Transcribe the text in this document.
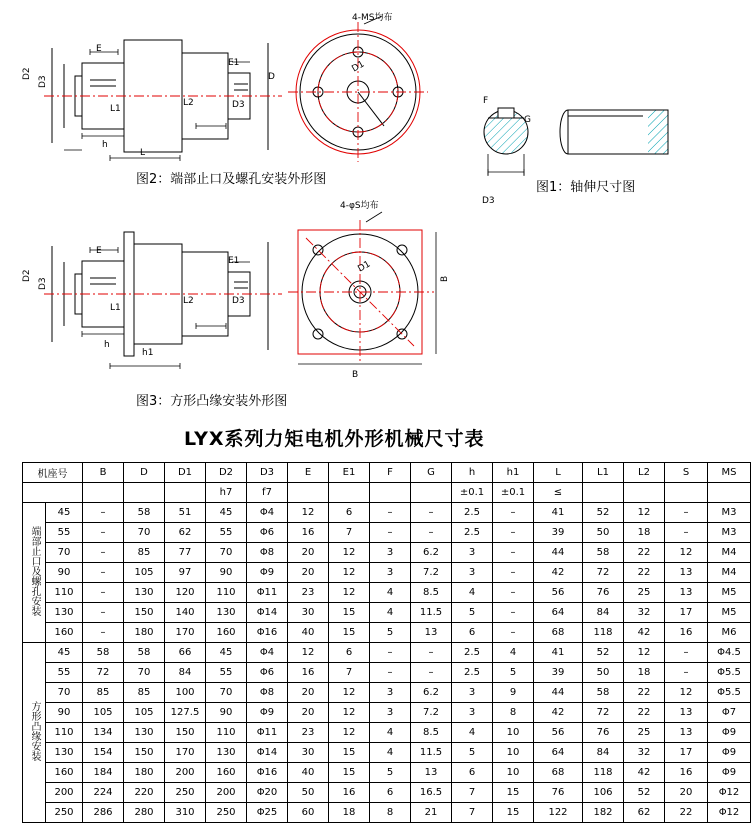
D2
D3
E
L1
h
L
E1
L2	D3
D
图2：端部止口及螺孔安装外形图
4-MS均布
D1
F
G
D3
图1：轴伸尺寸图
D2
D3
E
L1
h
h1
L2
E1
D3
图3：方形凸缘安装外形图
4-φS均布
D1
B
B
LYX系列力矩电机外形机械尺寸表
机座号		B	D	D1	D2	D3	E	E1	F	G	h	h1	L	L1	L2	S	MS
					h7	f7					±0.1	±0.1	≤				
端部止口及螺孔安装	45	–	58	51	45	Φ4	12	6	–	–	2.5	–	41	52	12	–	M3
	55	–	70	62	55	Φ6	16	7	–	–	2.5	–	39	50	18	–	M3
	70	–	85	77	70	Φ8	20	12	3	6.2	3	–	44	58	22	12	M4
	90	–	105	97	90	Φ9	20	12	3	7.2	3	–	42	72	22	13	M4
	110	–	130	120	110	Φ11	23	12	4	8.5	4	–	56	76	25	13	M5
	130	–	150	140	130	Φ14	30	15	4	11.5	5	–	64	84	32	17	M5
	160	–	180	170	160	Φ16	40	15	5	13	6	–	68	118	42	16	M6
方形凸缘安装	45	58	58	66	45	Φ4	12	6	–	–	2.5	4	41	52	12	–	Φ4.5
	55	72	70	84	55	Φ6	16	7	–	–	2.5	5	39	50	18	–	Φ5.5
	70	85	85	100	70	Φ8	20	12	3	6.2	3	9	44	58	22	12	Φ5.5
	90	105	105	127.5	90	Φ9	20	12	3	7.2	3	8	42	72	22	13	Φ7
	110	134	130	150	110	Φ11	23	12	4	8.5	4	10	56	76	25	13	Φ9
	130	154	150	170	130	Φ14	30	15	4	11.5	5	10	64	84	32	17	Φ9
	160	184	180	200	160	Φ16	40	15	5	13	6	10	68	118	42	16	Φ9
	200	224	220	250	200	Φ20	50	16	6	16.5	7	15	76	106	52	20	Φ12
	250	286	280	310	250	Φ25	60	18	8	21	7	15	122	182	62	22	Φ12
